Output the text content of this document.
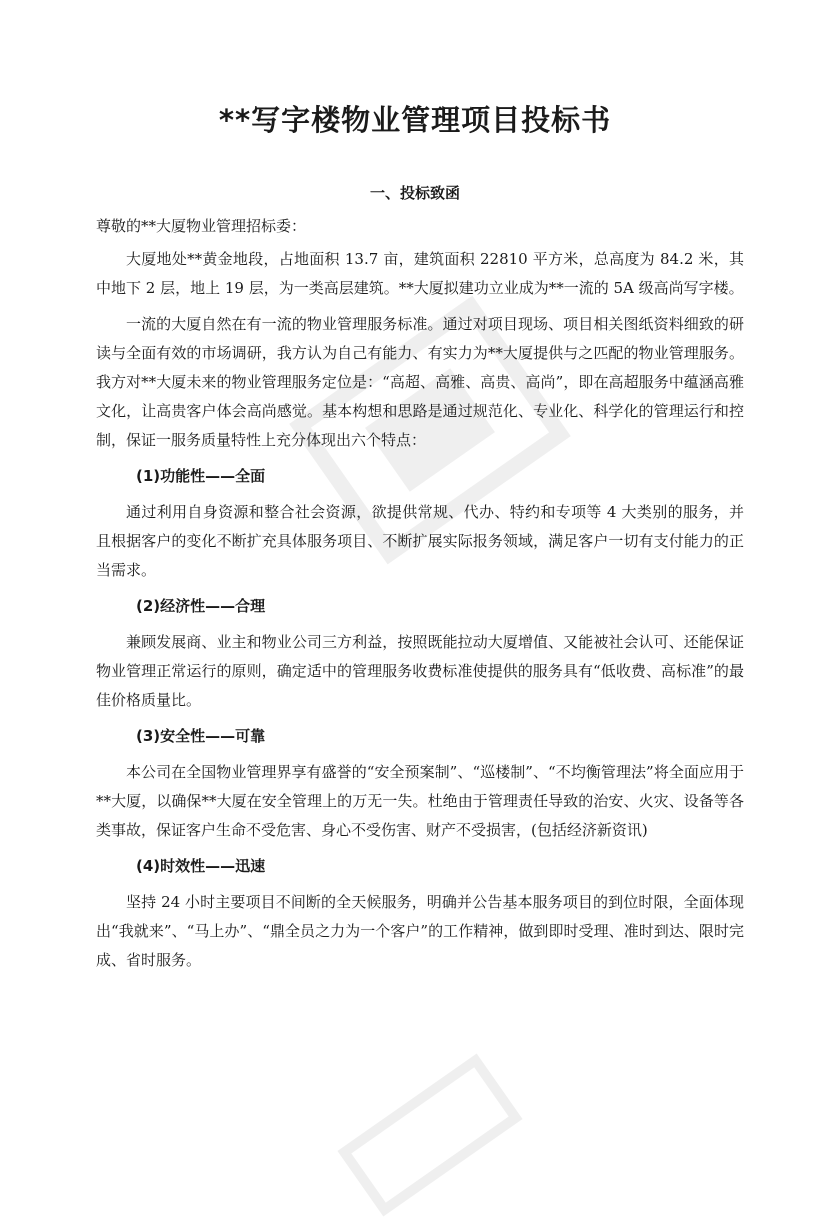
**写字楼物业管理项目投标书
一、投标致函

尊敬的**大厦物业管理招标委：

大厦地处**黄金地段，占地面积 13.7 亩，建筑面积 22810 平方米，总高度为 84.2 米，其中地下 2 层，地上 19 层，为一类高层建筑。**大厦拟建功立业成为**一流的 5A 级高尚写字楼。

一流的大厦自然在有一流的物业管理服务标准。通过对项目现场、项目相关图纸资料细致的研读与全面有效的市场调研，我方认为自己有能力、有实力为**大厦提供与之匹配的物业管理服务。我方对**大厦未来的物业管理服务定位是：“高超、高雅、高贵、高尚”，即在高超服务中蕴涵高雅文化，让高贵客户体会高尚感觉。基本构想和思路是通过规范化、专业化、科学化的管理运行和控制，保证一服务质量特性上充分体现出六个特点：

(1)功能性——全面

通过利用自身资源和整合社会资源，欲提供常规、代办、特约和专项等 4 大类别的服务，并且根据客户的变化不断扩充具体服务项目、不断扩展实际报务领域，满足客户一切有支付能力的正当需求。

(2)经济性——合理

兼顾发展商、业主和物业公司三方利益，按照既能拉动大厦增值、又能被社会认可、还能保证物业管理正常运行的原则，确定适中的管理服务收费标准使提供的服务具有“低收费、高标准”的最佳价格质量比。

(3)安全性——可靠

本公司在全国物业管理界享有盛誉的“安全预案制”、“巡楼制”、“不均衡管理法”将全面应用于**大厦，以确保**大厦在安全管理上的万无一失。杜绝由于管理责任导致的治安、火灾、设备等各类事故，保证客户生命不受危害、身心不受伤害、财产不受损害，(包括经济新资讯)

(4)时效性——迅速

坚持 24 小时主要项目不间断的全天候服务，明确并公告基本服务项目的到位时限，全面体现出“我就来”、“马上办”、“鼎全员之力为一个客户”的工作精神，做到即时受理、准时到达、限时完成、省时服务。
